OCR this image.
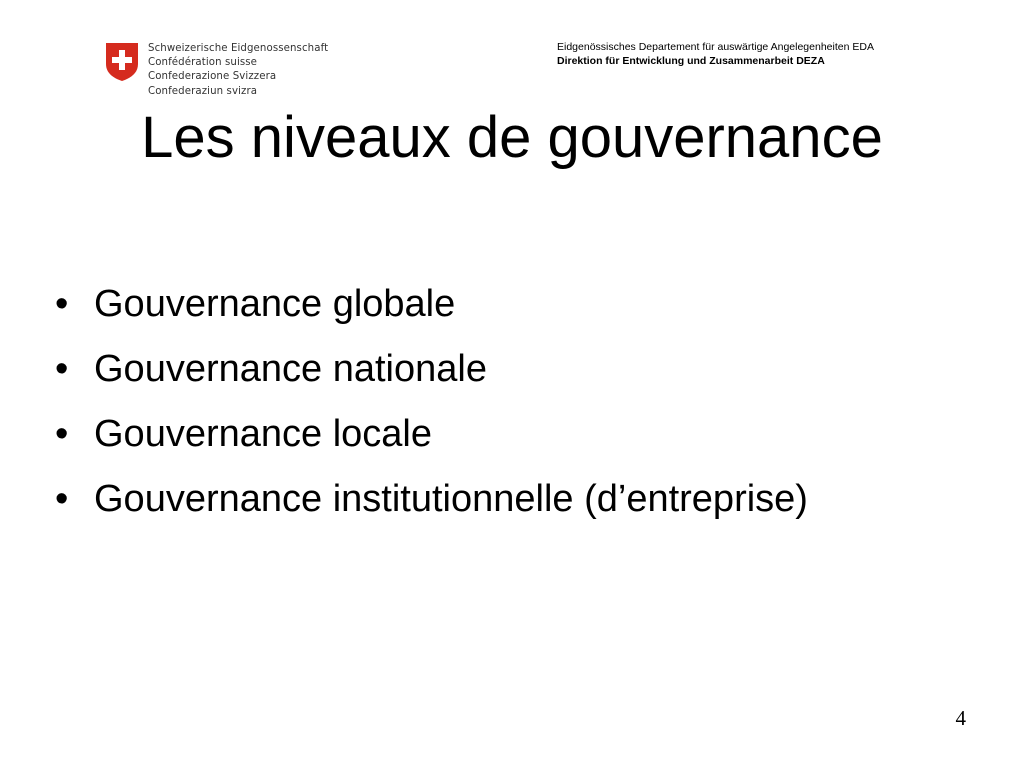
Schweizerische Eidgenossenschaft
Confédération suisse
Confederazione Svizzera
Confederaziun svizra
Eidgenössisches Departement für auswärtige Angelegenheiten EDA
Direktion für Entwicklung und Zusammenarbeit DEZA
Les niveaux de gouvernance
• Gouvernance globale
• Gouvernance nationale
• Gouvernance locale
• Gouvernance institutionnelle (d’entreprise)
4
